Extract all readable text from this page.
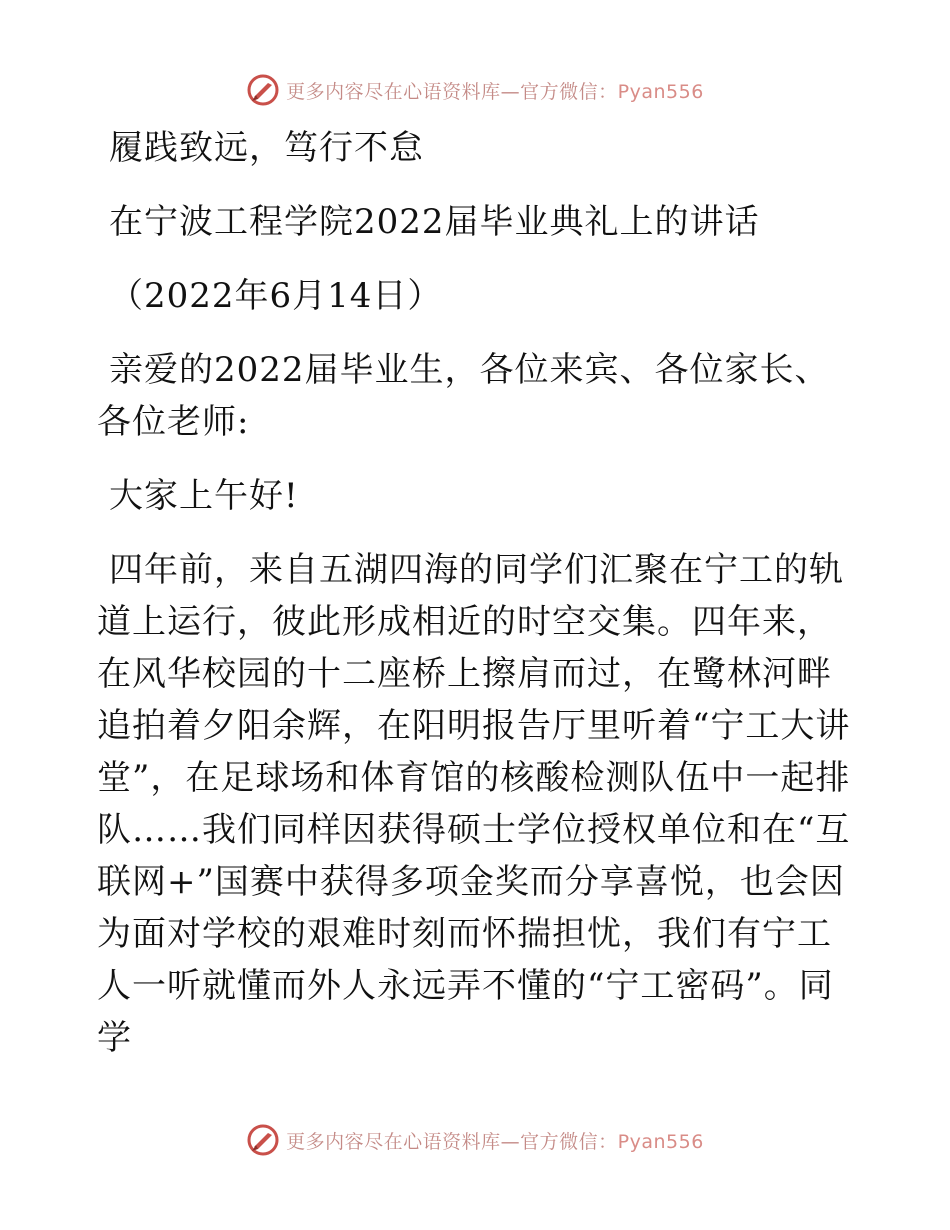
更多内容尽在心语资料库—官方微信：Pyan556
履践致远，笃行不怠
在宁波工程学院2022届毕业典礼上的讲话
（2022年6月14日）
亲爱的2022届毕业生，各位来宾、各位家长、各位老师:
大家上午好!
四年前，来自五湖四海的同学们汇聚在宁工的轨道上运行，彼此形成相近的时空交集。四年来，在风华校园的十二座桥上擦肩而过，在鹭林河畔追拍着夕阳余辉，在阳明报告厅里听着“宁工大讲堂”，在足球场和体育馆的核酸检测队伍中一起排队……我们同样因获得硕士学位授权单位和在“互联网+”国赛中获得多项金奖而分享喜悦，也会因为面对学校的艰难时刻而怀揣担忧，我们有宁工人一听就懂而外人永远弄不懂的“宁工密码”。同学
更多内容尽在心语资料库—官方微信：Pyan556
